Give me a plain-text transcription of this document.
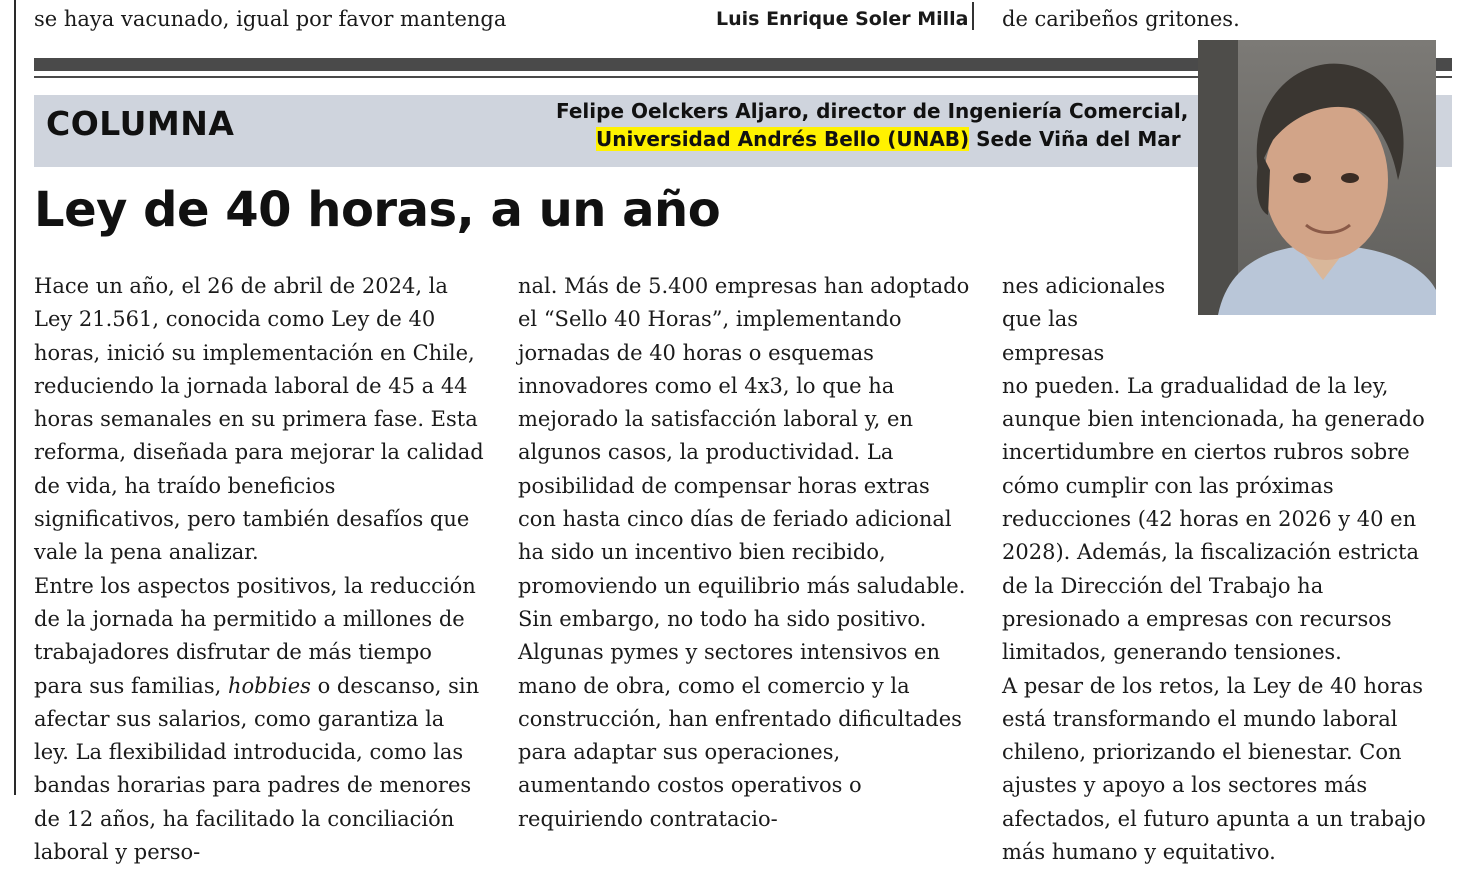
se haya vacunado, igual por favor mantenga	Luis Enrique Soler Milla de caribeños gritones.
COLUMNA	Felipe Oelckers Aljaro, director de Ingeniería Comercial,
Universidad Andrés Bello (UNAB) Sede Viña del Mar
Ley de 40 horas, a un año

Hace un año, el 26 de abril de 2024, la Ley 21.561, conocida como Ley de 40 horas, inició su implementación en Chile, reduciendo la jornada laboral de 45 a 44 horas semanales en su primera fase. Esta reforma, diseñada para mejorar la calidad de vida, ha traído beneficios significativos, pero también desafíos que vale la pena analizar.

Entre los aspectos positivos, la reducción de la jornada ha permitido a millones de trabajadores disfrutar de más tiempo para sus familias, hobbies o descanso, sin afectar sus salarios, como garantiza la ley. La flexibilidad introducida, como las bandas horarias para padres de menores de 12 años, ha facilitado la conciliación laboral y perso-

nal. Más de 5.400 empresas han adoptado el “Sello 40 Horas”, implementando jornadas de 40 horas o esquemas innovadores como el 4x3, lo que ha mejorado la satisfacción laboral y, en algunos casos, la productividad. La posibilidad de compensar horas extras con hasta cinco días de feriado adicional ha sido un incentivo bien recibido, promoviendo un equilibrio más saludable.

Sin embargo, no todo ha sido positivo. Algunas pymes y sectores intensivos en mano de obra, como el comercio y la construcción, han enfrentado dificultades para adaptar sus operaciones, aumentando costos operativos o requiriendo contratacio-

nes adicionales

que las empresas

no pueden. La gradualidad de la ley, aunque bien intencionada, ha generado incertidumbre en ciertos rubros sobre cómo cumplir con las próximas reducciones (42 horas en 2026 y 40 en 2028). Además, la fiscalización estricta de la Dirección del Trabajo ha presionado a empresas con recursos limitados, generando tensiones.

A pesar de los retos, la Ley de 40 horas está transformando el mundo laboral chileno, priorizando el bienestar. Con ajustes y apoyo a los sectores más afectados, el futuro apunta a un trabajo más humano y equitativo.
